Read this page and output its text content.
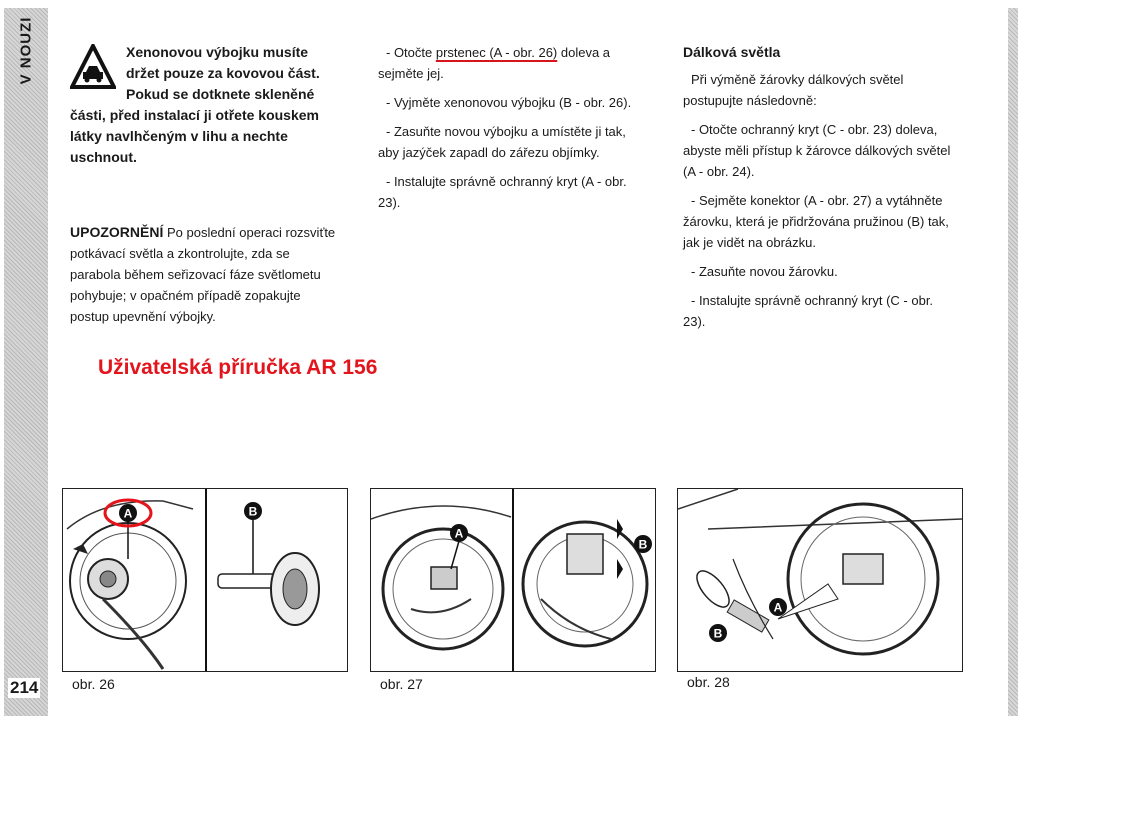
V NOUZI
214
Xenonovou výbojku musíte držet pouze za kovovou část. Pokud se dotknete skleněné části, před instalací ji otřete kouskem látky navlhčeným v lihu a nechte uschnout.
UPOZORNĚNÍ Po poslední operaci rozsviťte potkávací světla a zkontrolujte, zda se parabola během seřizovací fáze světlometu pohybuje; v opačném případě zopakujte postup upevnění výbojky.

- Otočte prstenec (A - obr. 26) doleva a sejměte jej.

- Vyjměte xenonovou výbojku (B - obr. 26).

- Zasuňte novou výbojku a umístěte ji tak, aby jazýček zapadl do zářezu objímky.

- Instalujte správně ochranný kryt (A - obr. 23).

Dálková světla

Při výměně žárovky dálkových světel postupujte následovně:

- Otočte ochranný kryt (C - obr. 23) doleva, abyste měli přístup k žárovce dálkových světel (A - obr. 24).

- Sejměte konektor (A - obr. 27) a vytáhněte žárovku, která je přidržována pružinou (B) tak, jak je vidět na obrázku.

- Zasuňte novou žárovku.

- Instalujte správně ochranný kryt (C - obr. 23).

Uživatelská příručka AR 156
A	B
obr. 26
A
B
obr. 27
A
B
obr. 28
